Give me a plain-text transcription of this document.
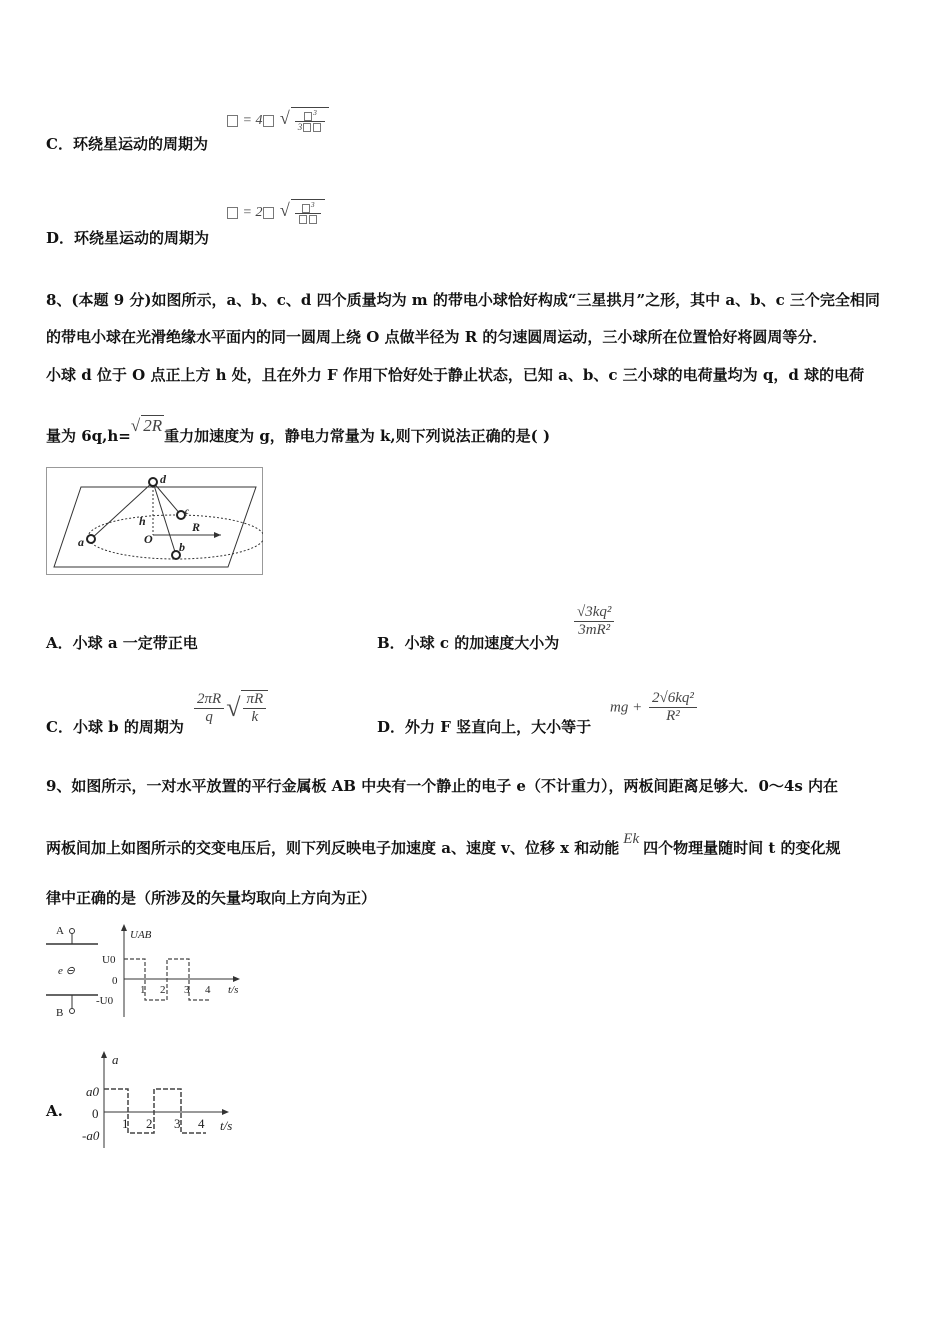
C．环绕星运动的周期为
= 4 √ $\frac{^3}{3}$
D．环绕星运动的周期为
= 2 √	$^3$
8、(本题 9 分)如图所示，a、b、c、d 四个质量均为 m 的带电小球恰好构成“三星拱月”之形，其中 a、b、c 三个完全相同
的带电小球在光滑绝缘水平面内的同一圆周上绕 O 点做半径为 R 的匀速圆周运动，三小球所在位置恰好将圆周等分．
小球 d 位于 O 点正上方 h 处，且在外力 F 作用下恰好处于静止状态，已知 a、b、c 三小球的电荷量均为 q，d 球的电荷
量为 6q,h=√ 2R重力加速度为 g，静电力常量为 k,则下列说法正确的是( )
d
c
h	R
O
a	b
A．小球 a 一定带正电	B．小球 c 的加速度大小为
$\frac{\text{√3kq²}}{\text{3mR²}}$
C．小球 b 的周期为
$\frac{2\pi R}{q}$ √ $\frac{\pi R}{k}$
D．外力 F 竖直向上，大小等于
mg + $\frac{\text{2√6kq²}}{\text{R²}}$
9、如图所示，一对水平放置的平行金属板 AB 中央有一个静止的电子 e（不计重力），两板间距离足够大．0～4s 内在
两板间加上如图所示的交变电压后，则下列反映电子加速度 a、速度 v、位移 x 和动能 Ek 四个物理量随时间 t 的变化规
律中正确的是（所涉及的矢量均取向上方向为正）
A
B
e ⊖
UAB
U0
-U0
0
1 2 3 4 t/s
A.
a
a0
-a0
0
1 2 3 4 t/s
